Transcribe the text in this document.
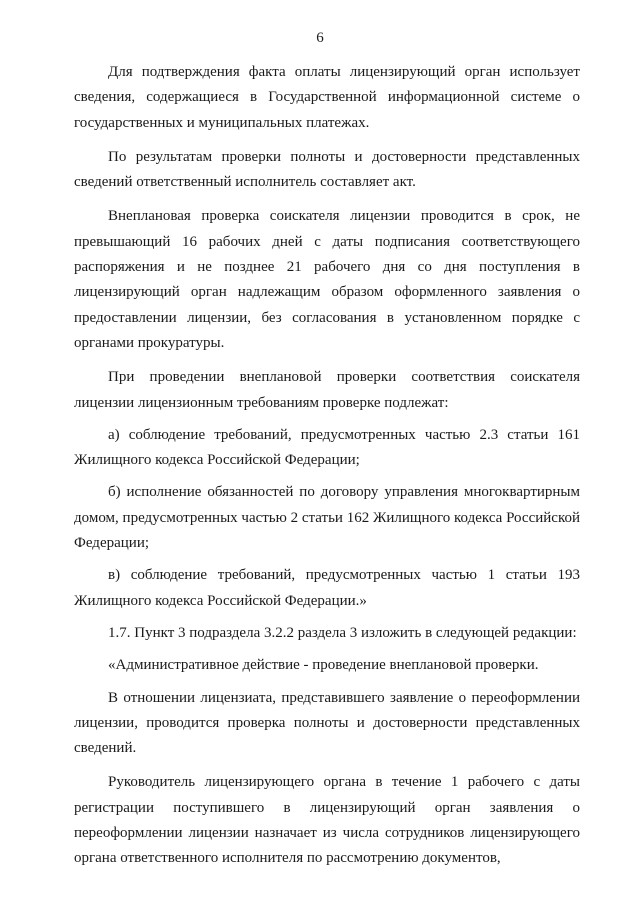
6

Для подтверждения факта оплаты лицензирующий орган использует сведения, содержащиеся в Государственной информационной системе о государственных и муниципальных платежах.

По результатам проверки полноты и достоверности представленных сведений ответственный исполнитель составляет акт.

Внеплановая проверка соискателя лицензии проводится в срок, не превышающий 16 рабочих дней с даты подписания соответствующего распоряжения и не позднее 21 рабочего дня со дня поступления в лицензирующий орган надлежащим образом оформленного заявления о предоставлении лицензии, без согласования в установленном порядке с органами прокуратуры.

При проведении внеплановой проверки соответствия соискателя лицензии лицензионным требованиям проверке подлежат:

а) соблюдение требований, предусмотренных частью 2.3 статьи 161 Жилищного кодекса Российской Федерации;

б) исполнение обязанностей по договору управления многоквартирным домом, предусмотренных частью 2 статьи 162 Жилищного кодекса Российской Федерации;

в) соблюдение требований, предусмотренных частью 1 статьи 193 Жилищного кодекса Российской Федерации.»

1.7. Пункт 3 подраздела 3.2.2 раздела 3 изложить в следующей редакции:

«Административное действие - проведение внеплановой проверки.

В отношении лицензиата, представившего заявление о переоформлении лицензии, проводится проверка полноты и достоверности представленных сведений.

Руководитель лицензирующего органа в течение 1 рабочего с даты регистрации поступившего в лицензирующий орган заявления о переоформлении лицензии назначает из числа сотрудников лицензирующего органа ответственного исполнителя по рассмотрению документов,
